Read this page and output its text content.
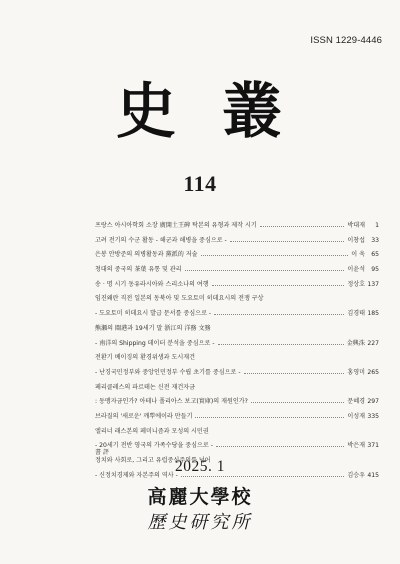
ISSN 1229-4446
史 叢
114
프랑스 아시아학회 소장 廣開土王碑 탁본의 유형과 제작 시기	박대재	1
고려 전기의 수군 활동 - 해군과 해병을 중심으로 -	이창섭	33
은봉 안방준의 의병활동과 黨派的 저술	이 욱	65
청대의 중국의 茶葉 유통 및 관리	이윤석	95
송 · 명 시기 동유라시아와 스리소나의 여행	정상호 137
임진왜란 직전 일본의 동북아 및 도요토미 히데요시의 전쟁 구상
- 도요토미 히데요시 발급 문서를 중심으로 -	김경태 185
熊瀬의 閘港과 19세기 말 浙江의 洋務 文務
- 南洋의 Shipping 데이터 분석을 중심으로 -	金興洙 227
전환기 베이징의 환경위생과 도시재건
- 난징국민정부와 중앙인민정부 수립 초기를 중심으로 -	홍영미 265
페리클레스의 파르테논 신전 재건자금
: 동맹자금인가? 아테나 폴리아스 보고(實庫)의 재원인가?	문혜경 297
브라질의 '새로운' 깨뿌에이라 만들기	이성재 335
엘리너 래스본의 페미니즘과 모성의 시민권
- 20세기 전반 영국의 가족수당을 중심으로 -	박은재 371
정치와 사회로, 그리고 유럽중심주의를 넘어
- 신정치경제와 자본주의 역사 -	김승우 415
書 評
2025. 1
高麗大學校
歷史研究所
